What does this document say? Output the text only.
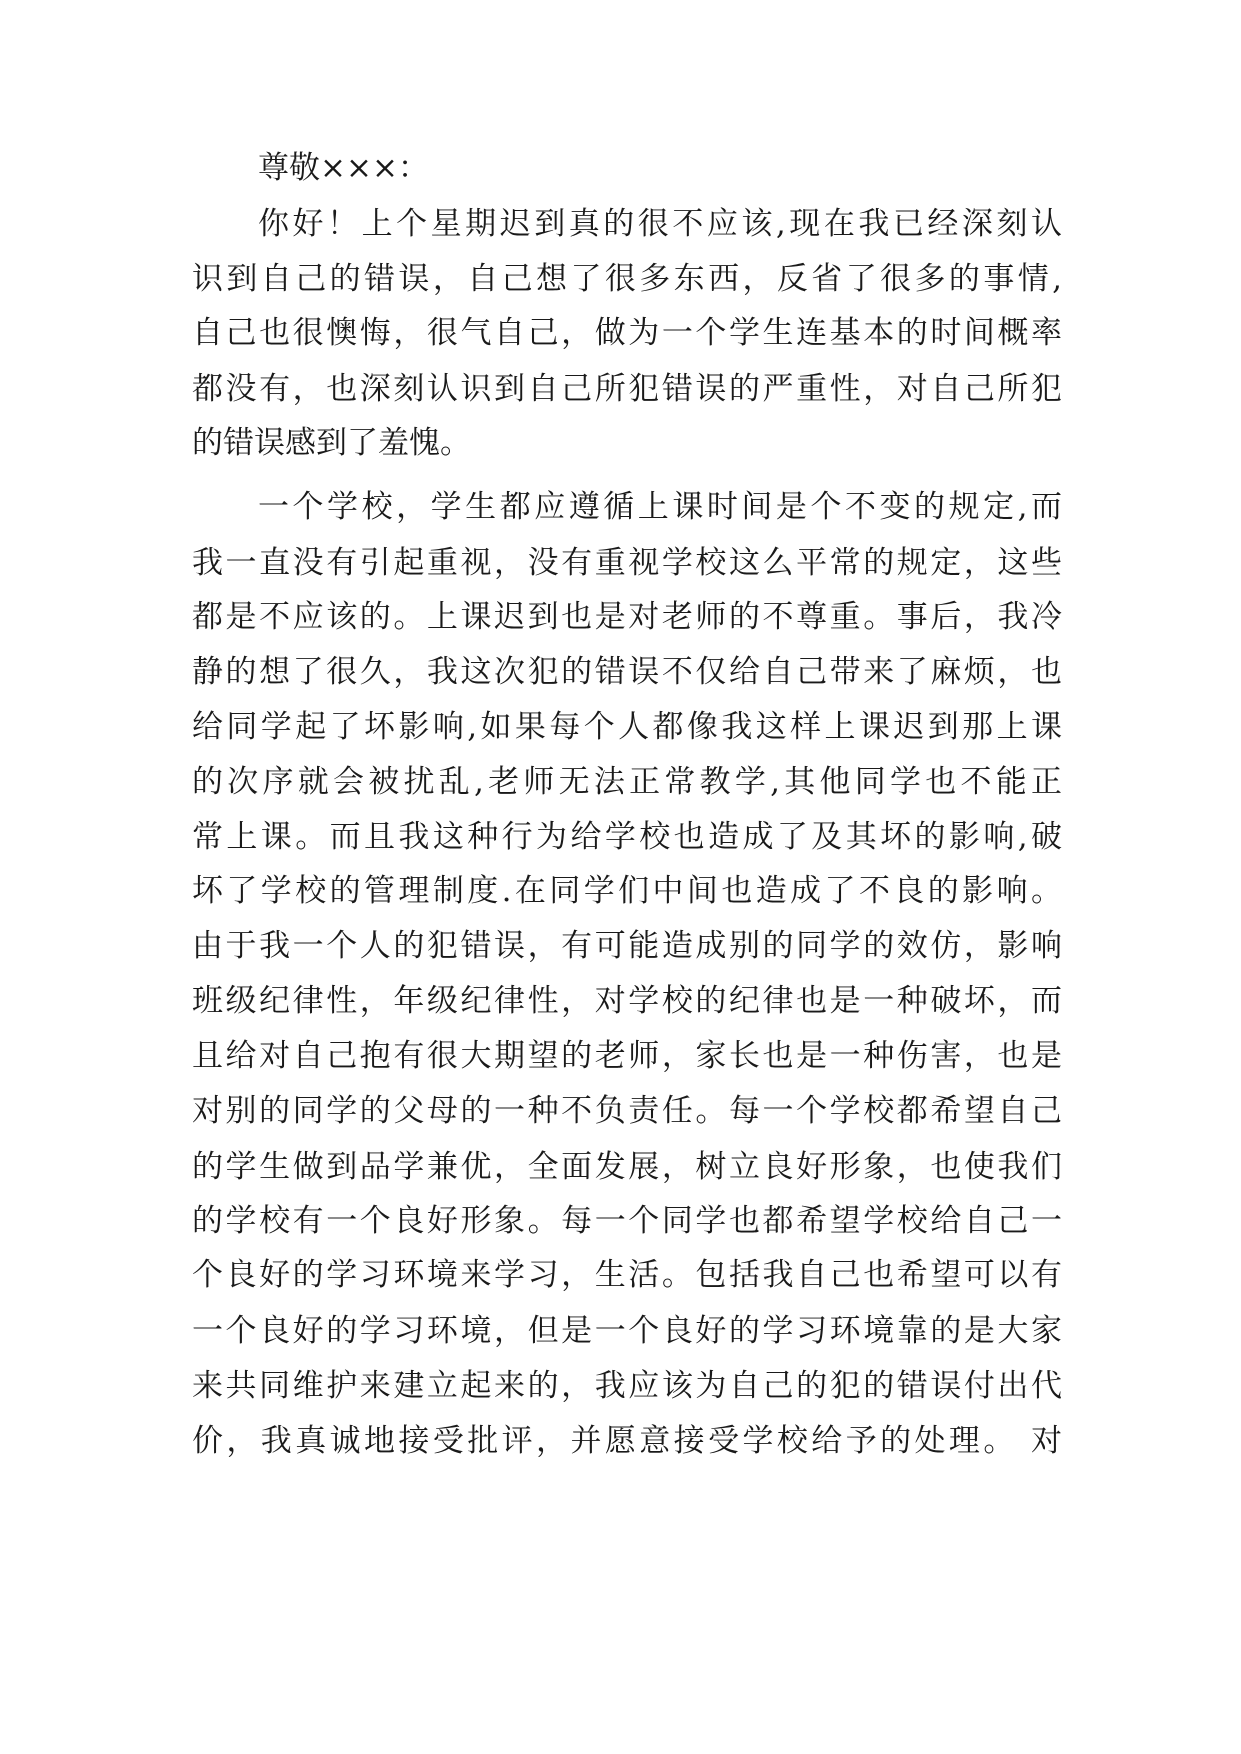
尊敬×××：
你好！上个星期迟到真的很不应该,现在我已经深刻认
识到自己的错误，自己想了很多东西，反省了很多的事情,
自己也很懊悔，很气自己，做为一个学生连基本的时间概率
都没有，也深刻认识到自己所犯错误的严重性，对自己所犯
的错误感到了羞愧。
一个学校，学生都应遵循上课时间是个不变的规定,而
我一直没有引起重视，没有重视学校这么平常的规定，这些
都是不应该的。上课迟到也是对老师的不尊重。事后，我冷
静的想了很久，我这次犯的错误不仅给自己带来了麻烦，也
给同学起了坏影响,如果每个人都像我这样上课迟到那上课
的次序就会被扰乱,老师无法正常教学,其他同学也不能正
常上课。而且我这种行为给学校也造成了及其坏的影响,破
坏了学校的管理制度.在同学们中间也造成了不良的影响。
由于我一个人的犯错误，有可能造成别的同学的效仿，影响
班级纪律性，年级纪律性，对学校的纪律也是一种破坏，而
且给对自己抱有很大期望的老师，家长也是一种伤害，也是
对别的同学的父母的一种不负责任。每一个学校都希望自己
的学生做到品学兼优，全面发展，树立良好形象，也使我们
的学校有一个良好形象。每一个同学也都希望学校给自己一
个良好的学习环境来学习，生活。包括我自己也希望可以有
一个良好的学习环境，但是一个良好的学习环境靠的是大家
来共同维护来建立起来的，我应该为自己的犯的错误付出代
价，我真诚地接受批评，并愿意接受学校给予的处理。 对
